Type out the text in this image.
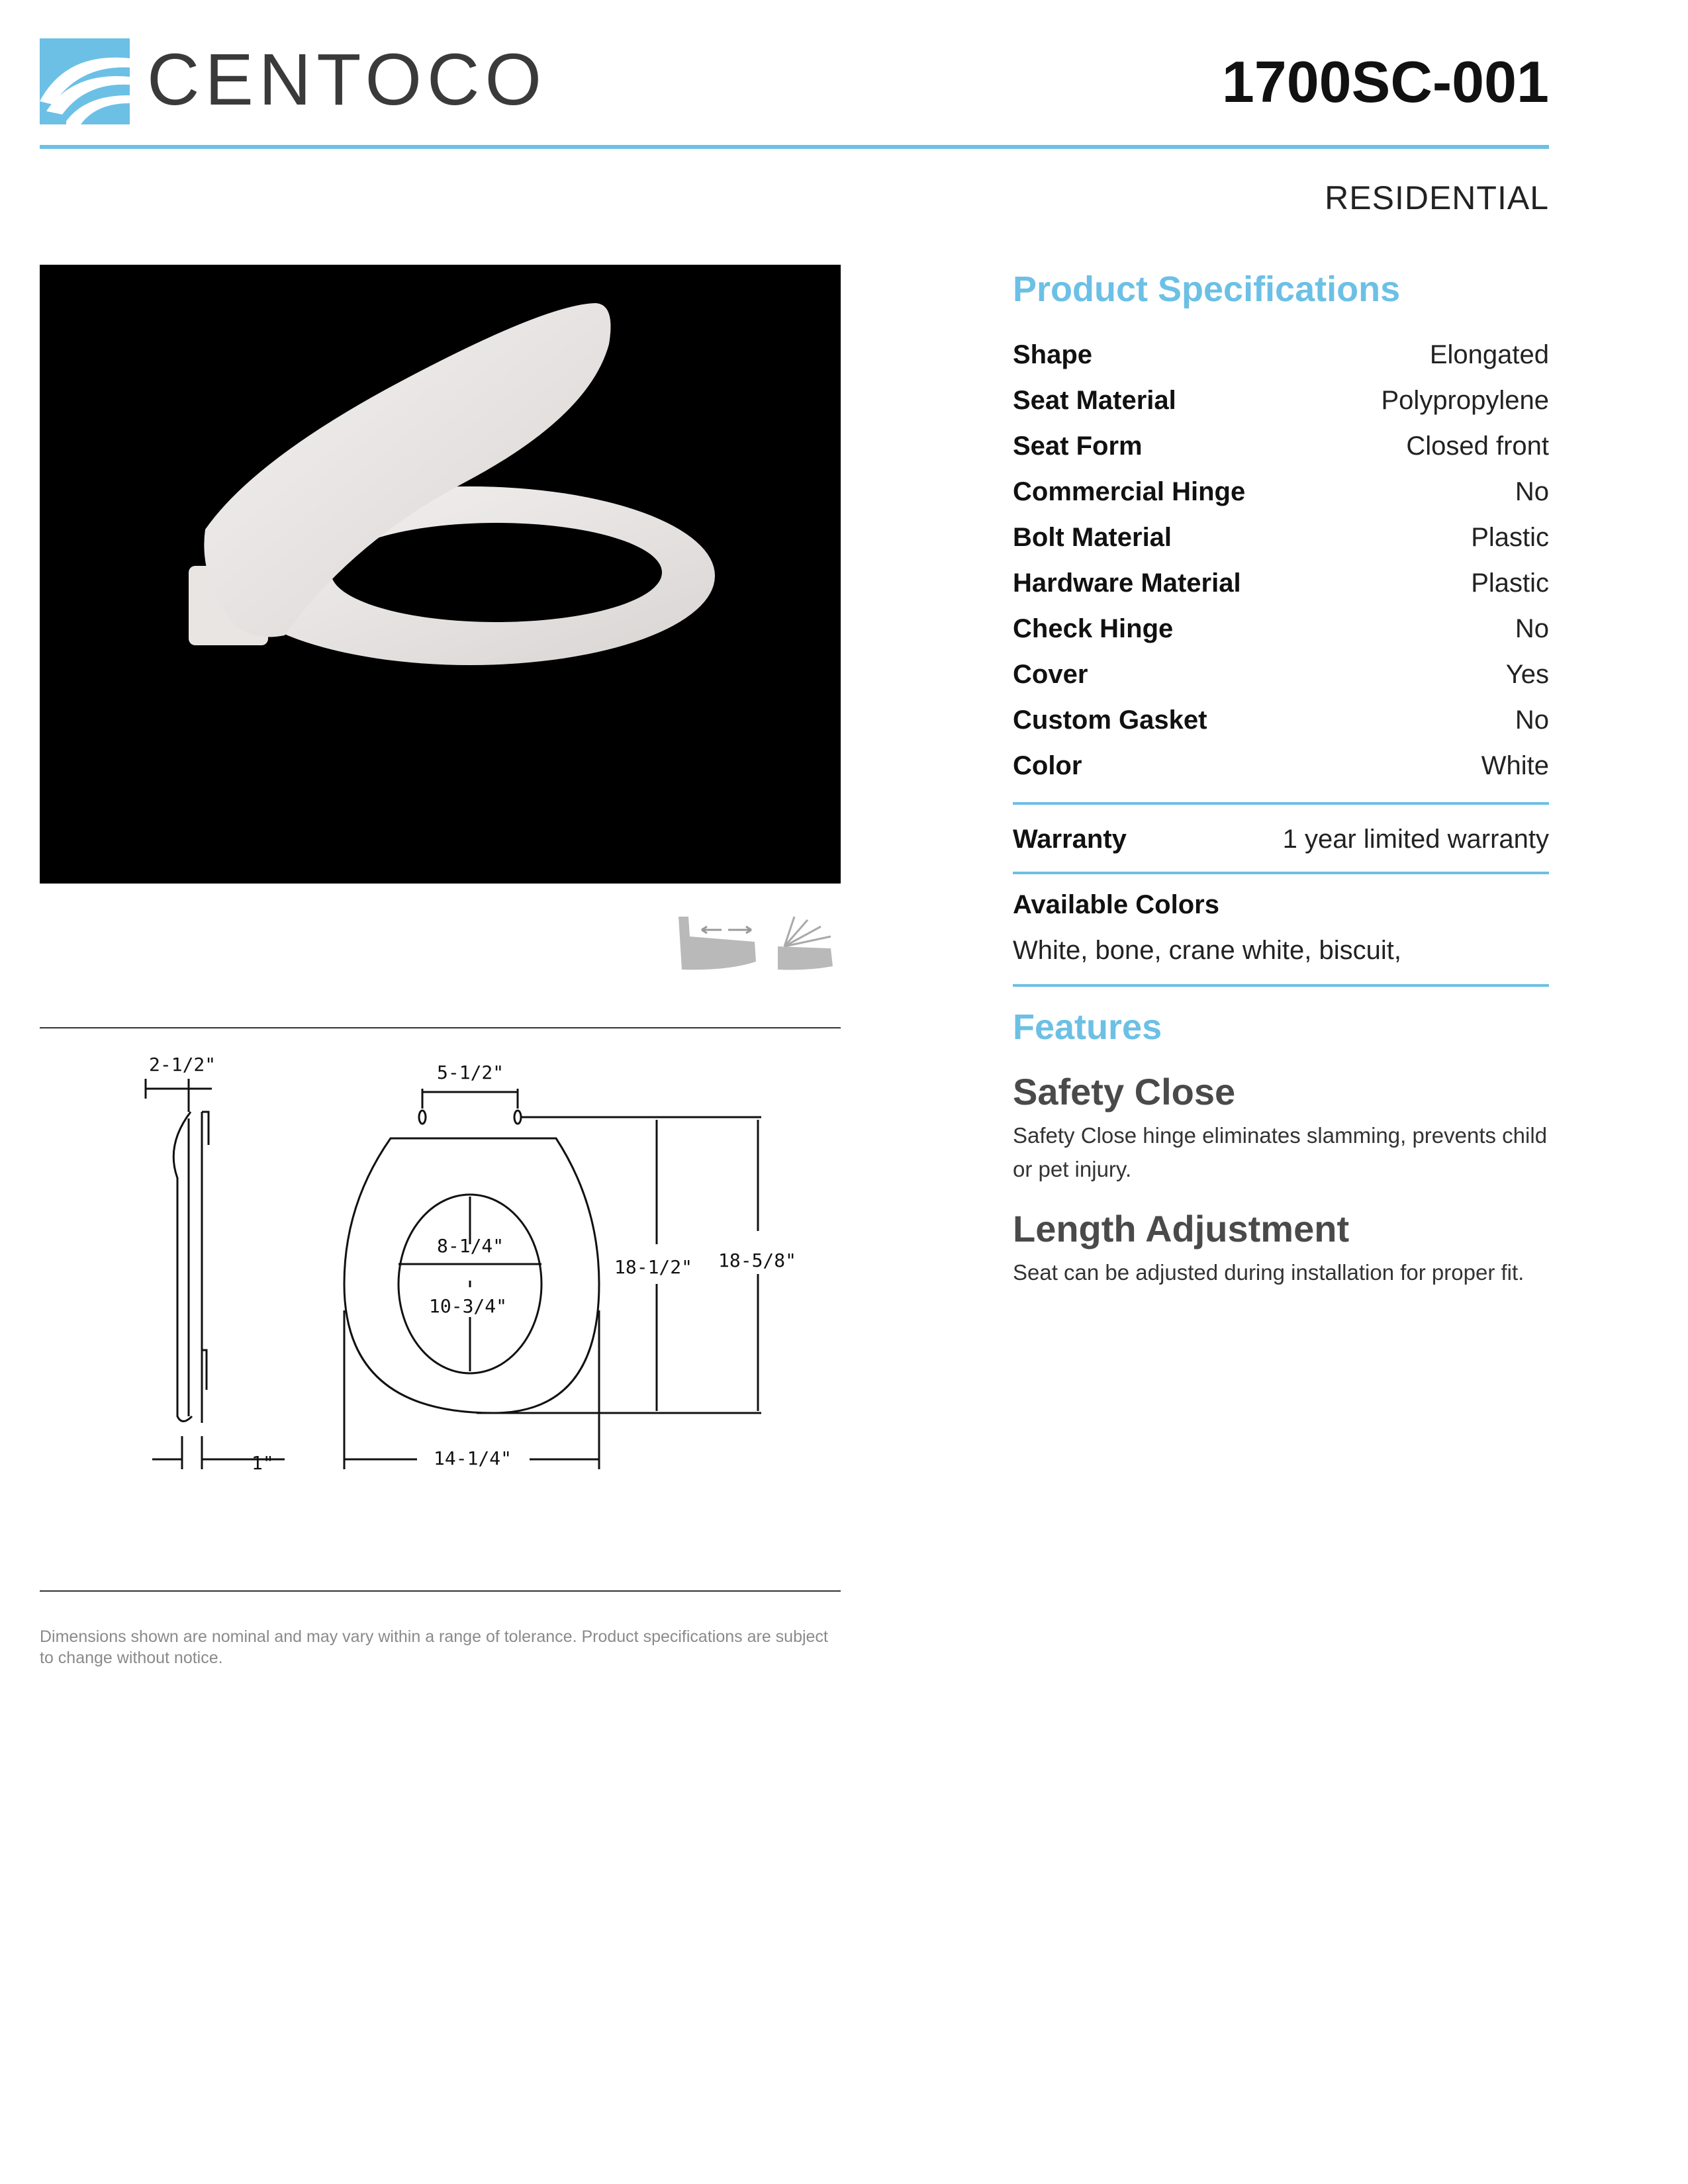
CENTOCO	1700SC-001
RESIDENTIAL
2-1/2"
1"
5-1/2"
8-1/4"
10-3/4"
18-1/2" 18-5/8"
14-1/4"
Dimensions shown are nominal and may vary within a range of tolerance. Product specifications are subject to change without notice.
Product Specifications
Shape	Elongated
Seat Material	Polypropylene
Seat Form	Closed front
Commercial Hinge	No
Bolt Material	Plastic
Hardware Material	Plastic
Check Hinge	No
Cover	Yes
Custom Gasket	No
Color	White
Warranty	1 year limited warranty
Available Colors
White, bone, crane white, biscuit,
Features
Safety Close

Safety Close hinge eliminates slamming, prevents child or pet injury.

Length Adjustment

Seat can be adjusted during installation for proper fit.
